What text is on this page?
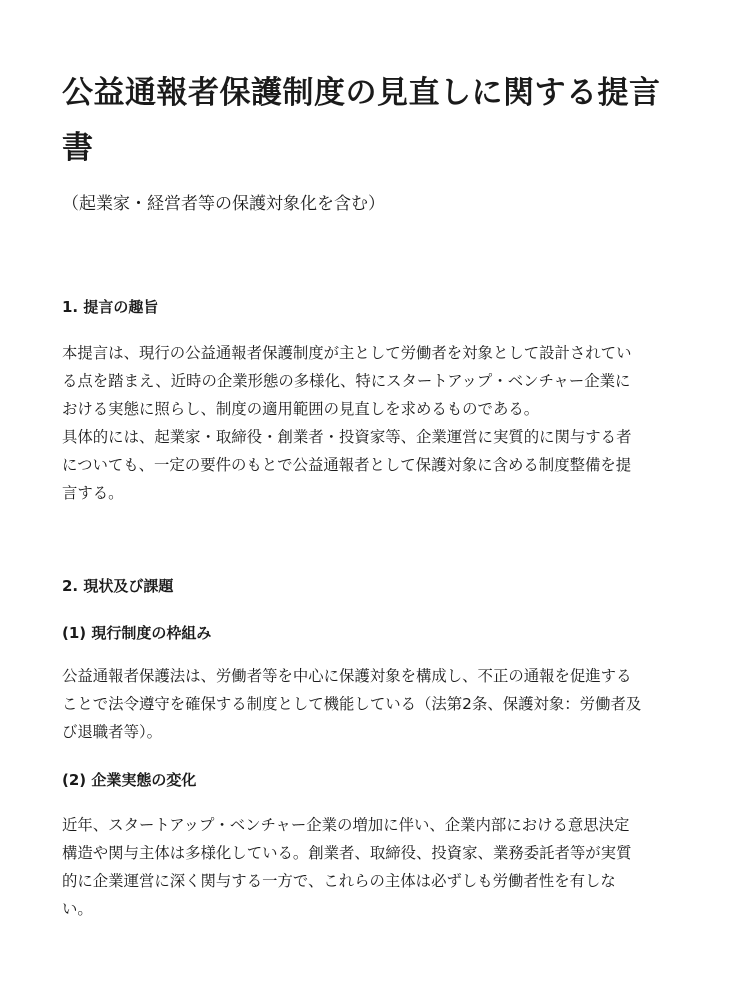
公益通報者保護制度の見直しに関する提言書
（起業家・経営者等の保護対象化を含む）
1. 提言の趣旨
本提言は、現行の公益通報者保護制度が主として労働者を対象として設計されてい
る点を踏まえ、近時の企業形態の多様化、特にスタートアップ・ベンチャー企業に
おける実態に照らし、制度の適用範囲の見直しを求めるものである。
具体的には、起業家・取締役・創業者・投資家等、企業運営に実質的に関与する者
についても、一定の要件のもとで公益通報者として保護対象に含める制度整備を提
言する。
2. 現状及び課題
(1) 現行制度の枠組み
公益通報者保護法は、労働者等を中心に保護対象を構成し、不正の通報を促進する
ことで法令遵守を確保する制度として機能している（法第2条、保護対象：労働者及
び退職者等）。
(2) 企業実態の変化
近年、スタートアップ・ベンチャー企業の増加に伴い、企業内部における意思決定
構造や関与主体は多様化している。創業者、取締役、投資家、業務委託者等が実質
的に企業運営に深く関与する一方で、これらの主体は必ずしも労働者性を有しな
い。
